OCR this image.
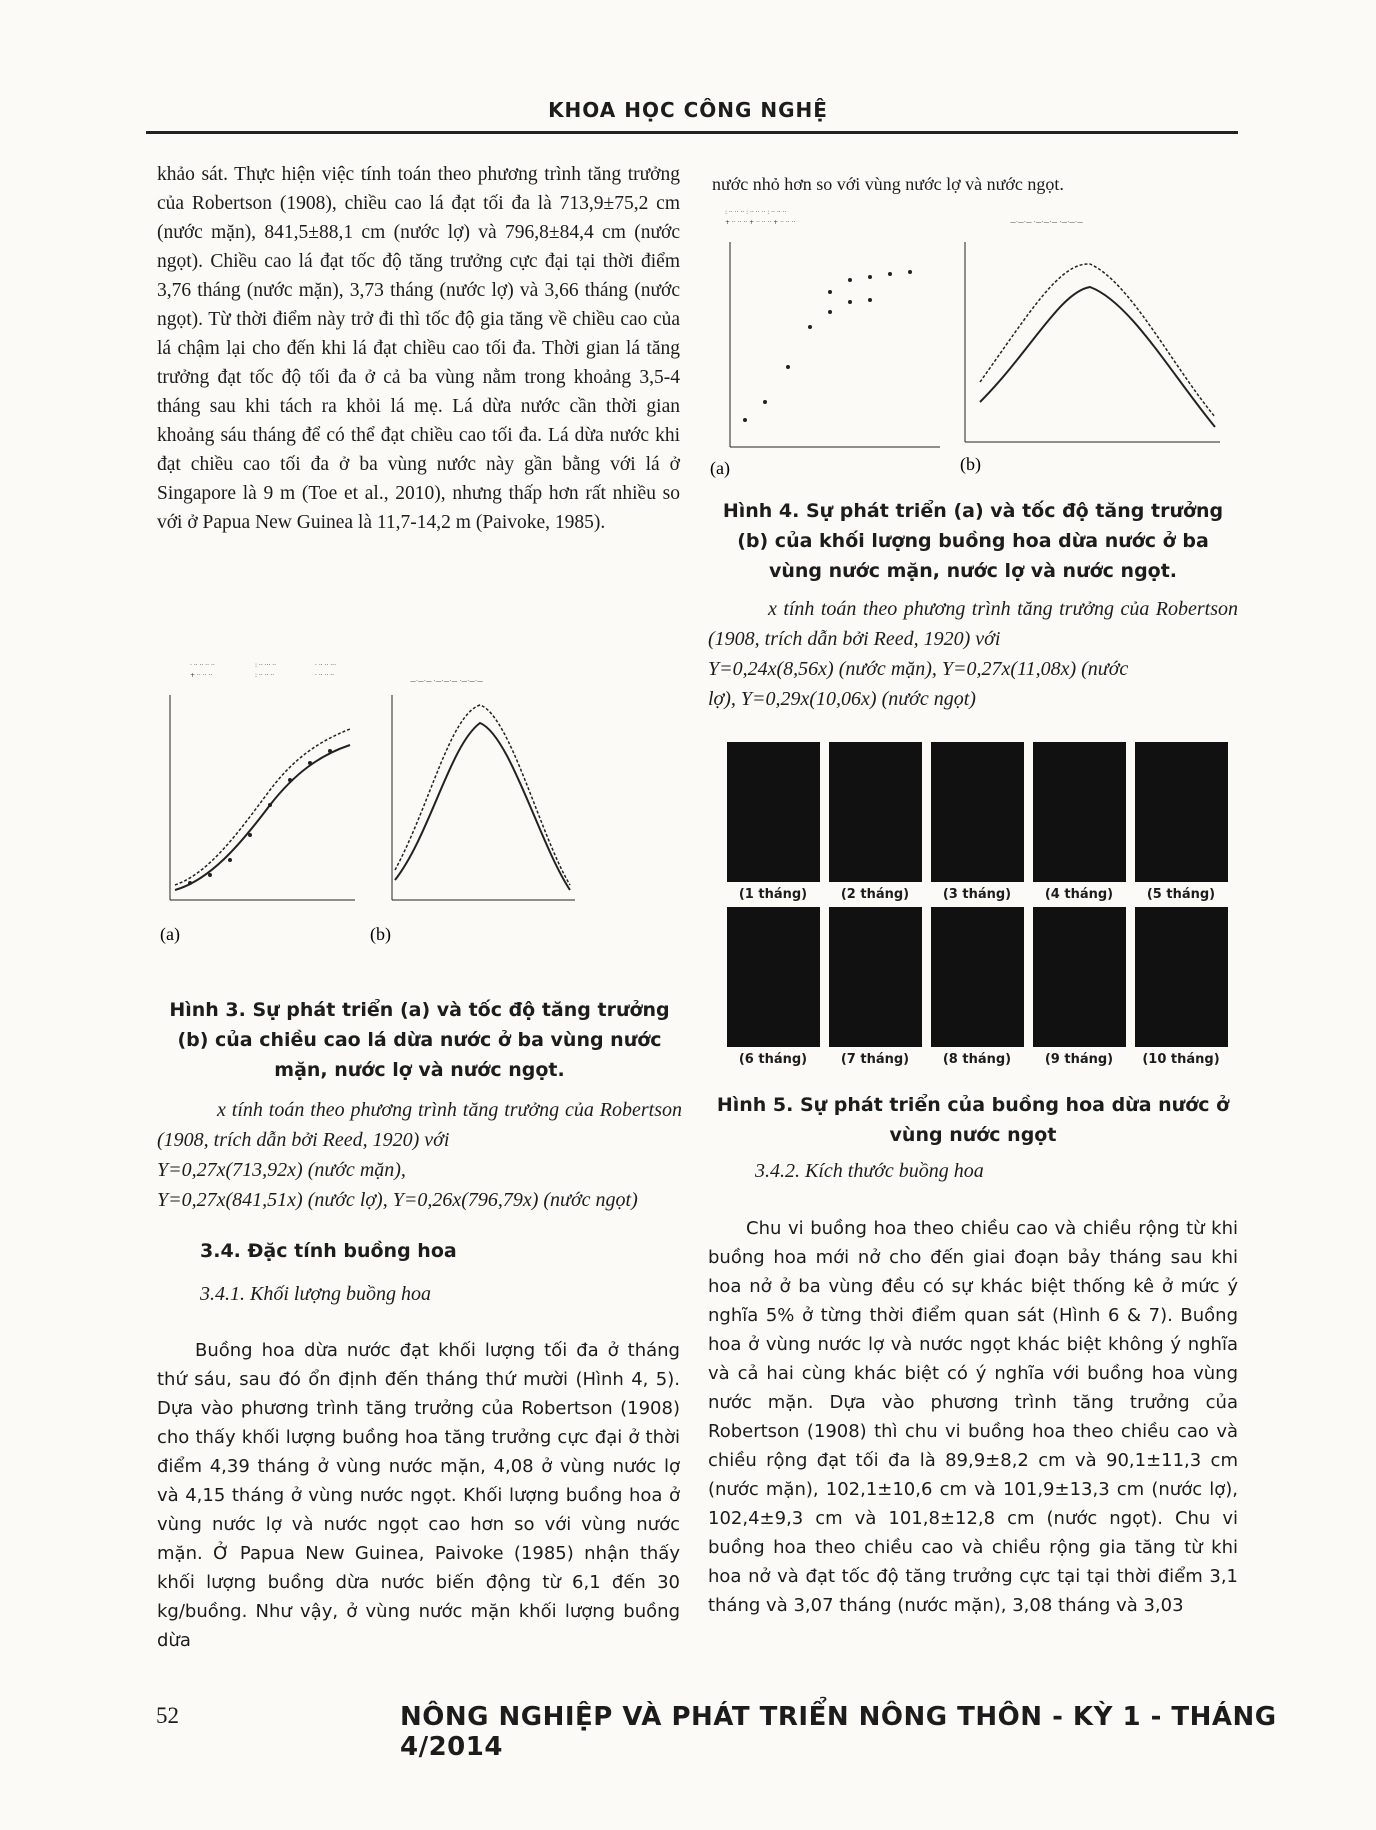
KHOA HỌC CÔNG NGHỆ

khảo sát. Thực hiện việc tính toán theo phương trình tăng trưởng của Robertson (1908), chiều cao lá đạt tối đa là 713,9±75,2 cm (nước mặn), 841,5±88,1 cm (nước lợ) và 796,8±84,4 cm (nước ngọt). Chiều cao lá đạt tốc độ tăng trưởng cực đại tại thời điểm 3,76 tháng (nước mặn), 3,73 tháng (nước lợ) và 3,66 tháng (nước ngọt). Từ thời điểm này trở đi thì tốc độ gia tăng về chiều cao của lá chậm lại cho đến khi lá đạt chiều cao tối đa. Thời gian lá tăng trưởng đạt tốc độ tối đa ở cả ba vùng nằm trong khoảng 3,5-4 tháng sau khi tách ra khỏi lá mẹ. Lá dừa nước cần thời gian khoảng sáu tháng để có thể đạt chiều cao tối đa. Lá dừa nước khi đạt chiều cao tối đa ở ba vùng nước này gần bằng với lá ở Singapore là 9 m (Toe et al., 2010), nhưng thấp hơn rất nhiều so với ở Papua New Guinea là 11,7-14,2 m (Paivoke, 1985).

· ·· ·· ·· ··	: ·· ··· ··	· ·· ·· ···
+ ·· ·· ··	: ·· ·· ··	· ·· ·· ··
(a)
—·—·— ·—·—·— ·—·—·—
(b)
Hình 3. Sự phát triển (a) và tốc độ tăng trưởng (b) của chiều cao lá dừa nước ở ba vùng nước mặn, nước lợ và nước ngọt.
x tính toán theo phương trình tăng trưởng của Robertson (1908, trích dẫn bởi Reed, 1920) với
Y=0,27x(713,92x) (nước mặn),
Y=0,27x(841,51x) (nước lợ), Y=0,26x(796,79x) (nước ngọt)
3.4. Đặc tính buồng hoa
3.4.1. Khối lượng buồng hoa

Buồng hoa dừa nước đạt khối lượng tối đa ở tháng thứ sáu, sau đó ổn định đến tháng thứ mười (Hình 4, 5). Dựa vào phương trình tăng trưởng của Robertson (1908) cho thấy khối lượng buồng hoa tăng trưởng cực đại ở thời điểm 4,39 tháng ở vùng nước mặn, 4,08 ở vùng nước lợ và 4,15 tháng ở vùng nước ngọt. Khối lượng buồng hoa ở vùng nước lợ và nước ngọt cao hơn so với vùng nước mặn. Ở Papua New Guinea, Paivoke (1985) nhận thấy khối lượng buồng dừa nước biến động từ 6,1 đến 30 kg/buồng. Như vậy, ở vùng nước mặn khối lượng buồng dừa

nước nhỏ hơn so với vùng nước lợ và nước ngọt.
: ·· ·· ·· : ·· ·· ·· : ·· ·· ··
+ ·· ·· ·· + ·· ·· ·· + ·· ·· ··
(a)
—·—·— ·—·—·— ·—·—·—
(b)
Hình 4. Sự phát triển (a) và tốc độ tăng trưởng (b) của khối lượng buồng hoa dừa nước ở ba vùng nước mặn, nước lợ và nước ngọt.
x tính toán theo phương trình tăng trưởng của Robertson (1908, trích dẫn bởi Reed, 1920) với
Y=0,24x(8,56x) (nước mặn), Y=0,27x(11,08x) (nước
lợ), Y=0,29x(10,06x) (nước ngọt)
(1 tháng)	(2 tháng)	(3 tháng)	(4 tháng)	(5 tháng)
(6 tháng)	(7 tháng)	(8 tháng)	(9 tháng)	(10 tháng)
Hình 5. Sự phát triển của buồng hoa dừa nước ở vùng nước ngọt
3.4.2. Kích thước buồng hoa

Chu vi buồng hoa theo chiều cao và chiều rộng từ khi buồng hoa mới nở cho đến giai đoạn bảy tháng sau khi hoa nở ở ba vùng đều có sự khác biệt thống kê ở mức ý nghĩa 5% ở từng thời điểm quan sát (Hình 6 & 7). Buồng hoa ở vùng nước lợ và nước ngọt khác biệt không ý nghĩa và cả hai cùng khác biệt có ý nghĩa với buồng hoa vùng nước mặn. Dựa vào phương trình tăng trưởng của Robertson (1908) thì chu vi buồng hoa theo chiều cao và chiều rộng đạt tối đa là 89,9±8,2 cm và 90,1±11,3 cm (nước mặn), 102,1±10,6 cm và 101,9±13,3 cm (nước lợ), 102,4±9,3 cm và 101,8±12,8 cm (nước ngọt). Chu vi buồng hoa theo chiều cao và chiều rộng gia tăng từ khi hoa nở và đạt tốc độ tăng trưởng cực tại tại thời điểm 3,1 tháng và 3,07 tháng (nước mặn), 3,08 tháng và 3,03

52	NÔNG NGHIỆP VÀ PHÁT TRIỂN NÔNG THÔN - KỲ 1 - THÁNG 4/2014
